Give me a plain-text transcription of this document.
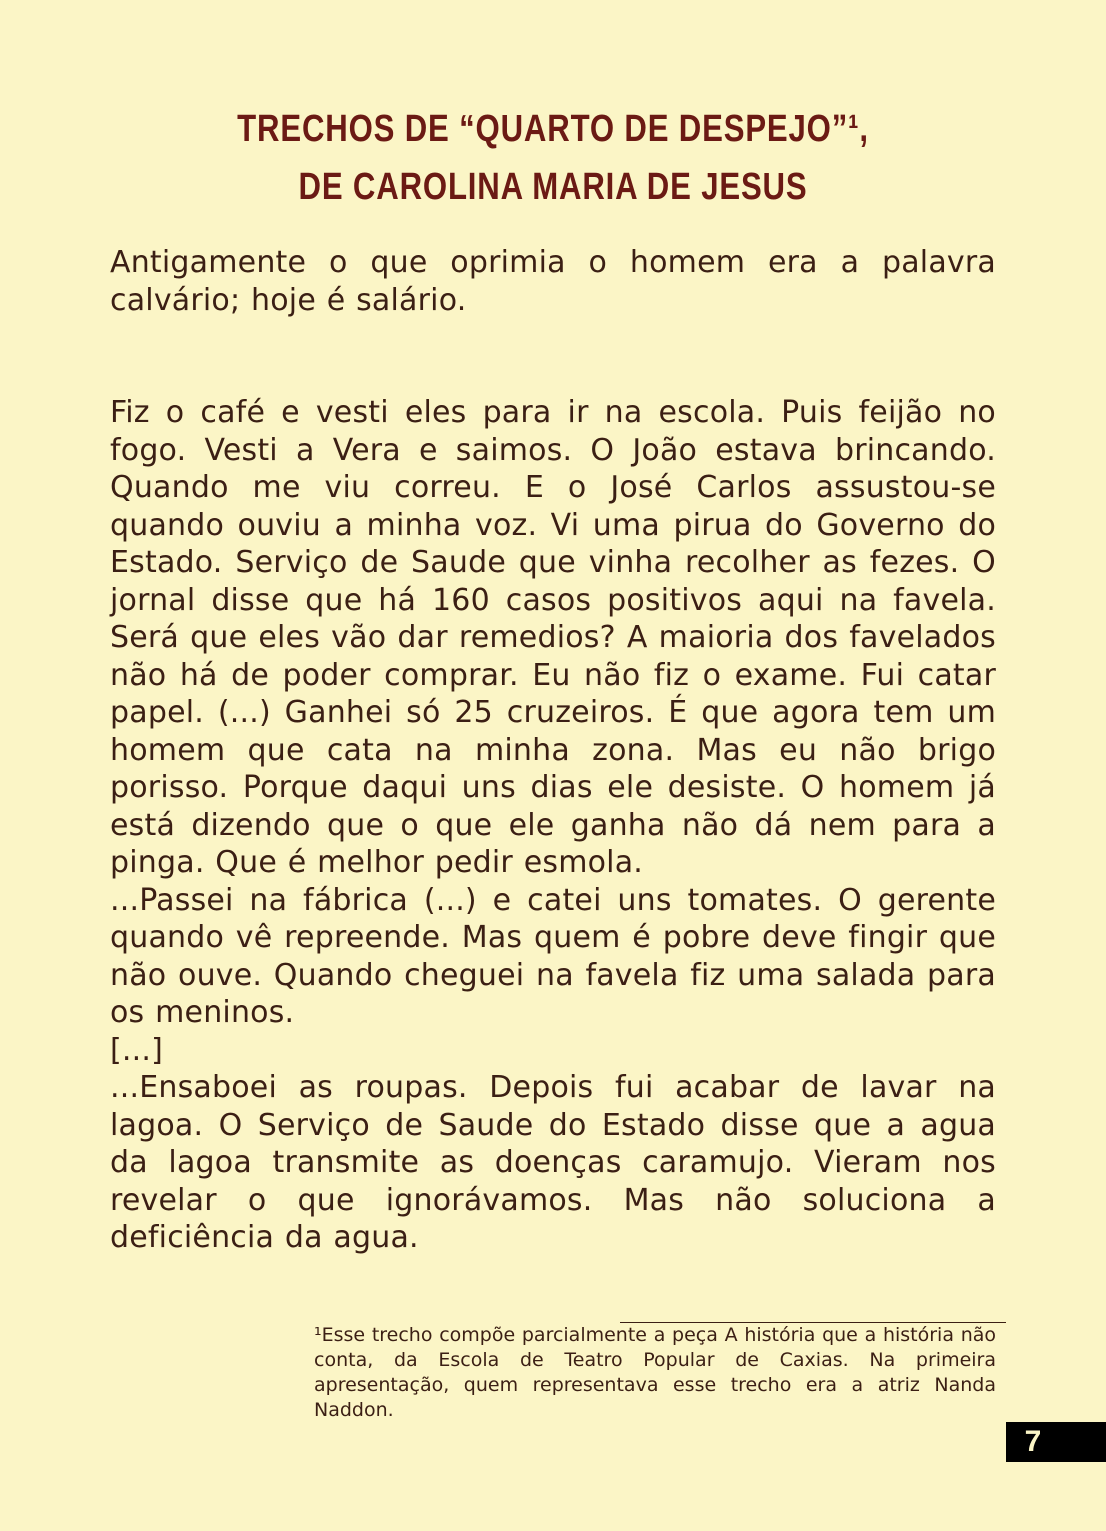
TRECHOS DE “QUARTO DE DESPEJO”¹,
DE CAROLINA MARIA DE JESUS

Antigamente o que oprimia o homem era a palavra calvário; hoje é salário.

Fiz o café e vesti eles para ir na escola. Puis feijão no fogo. Vesti a Vera e saimos. O João estava brincando. Quando me viu correu. E o José Carlos assustou-se quando ouviu a minha voz. Vi uma pirua do Governo do Estado. Serviço de Saude que vinha recolher as fezes. O jornal disse que há 160 casos positivos aqui na favela. Será que eles vão dar remedios? A maioria dos favelados não há de poder comprar. Eu não fiz o exame. Fui catar papel. (...) Ganhei só 25 cruzeiros. É que agora tem um homem que cata na minha zona. Mas eu não brigo porisso. Porque daqui uns dias ele desiste. O homem já está dizendo que o que ele ganha não dá nem para a pinga. Que é melhor pedir esmola.

...Passei na fábrica (...) e catei uns tomates. O gerente quando vê repreende. Mas quem é pobre deve fingir que não ouve. Quando cheguei na favela fiz uma salada para os meninos.

[...]

...Ensaboei as roupas. Depois fui acabar de lavar na lagoa. O Serviço de Saude do Estado disse que a agua da lagoa transmite as doenças caramujo. Vieram nos revelar o que ignorávamos. Mas não soluciona a deficiência da agua.

¹Esse trecho compõe parcialmente a peça A história que a história não conta, da Escola de Teatro Popular de Caxias. Na primeira apresentação, quem representava esse trecho era a atriz Nanda Naddon.

7
